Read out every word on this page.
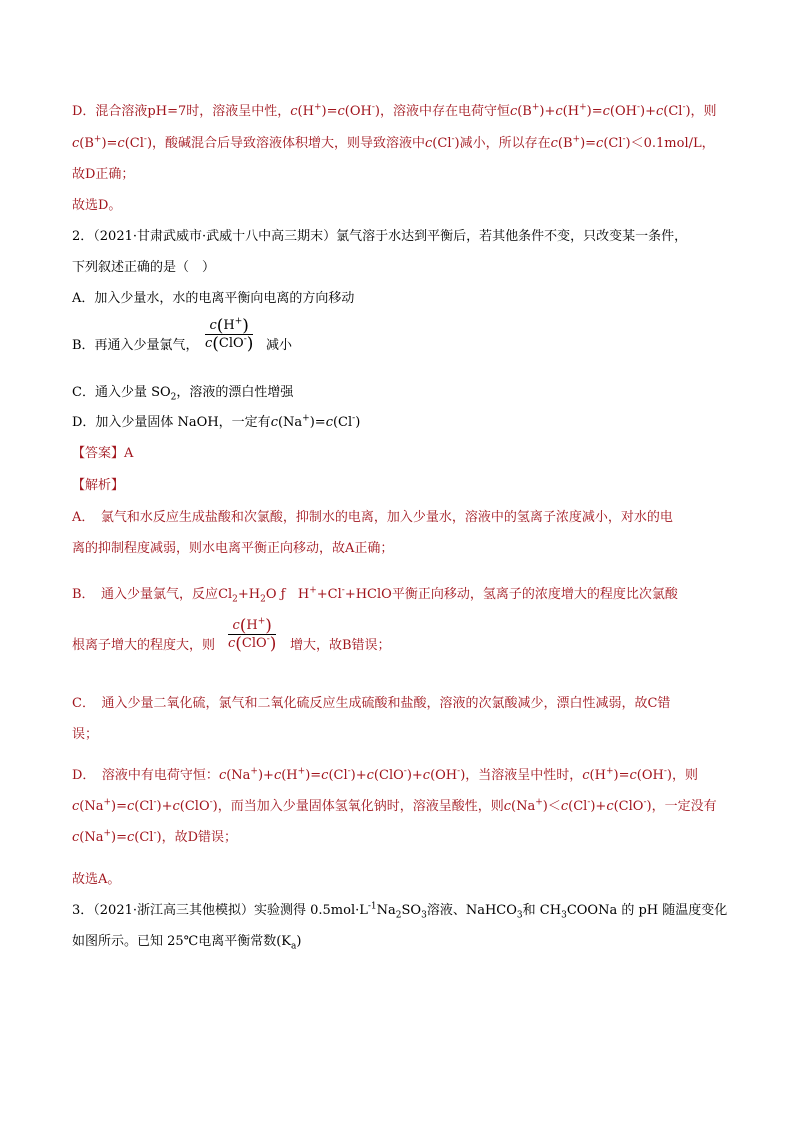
D．混合溶液pH=7时，溶液呈中性，c(H+)=c(OH-)，溶液中存在电荷守恒c(B+)+c(H+)=c(OH-)+c(Cl-)，则
c(B+)=c(Cl-)，酸碱混合后导致溶液体积增大，则导致溶液中c(Cl-)减小，所以存在c(B+)=c(Cl-)＜0.1mol/L，
故D正确；
故选D。
2．（2021·甘肃武威市·武威十八中高三期末）氯气溶于水达到平衡后，若其他条件不变，只改变某一条件，
下列叙述正确的是（　）
A．加入少量水，水的电离平衡向电离的方向移动
B．再通入少量氯气，
c(H+)
c(ClO-) 减小
C．通入少量 $SO_2$，溶液的漂白性增强
D．加入少量固体 NaOH，一定有c(Na+)=c(Cl-)
【答案】A
【解析】
A．　氯气和水反应生成盐酸和次氯酸，抑制水的电离，加入少量水，溶液中的氢离子浓度减小，对水的电
离的抑制程度减弱，则水电离平衡正向移动，故A正确；
B．　通入少量氯气，反应$Cl_2+H_2O$ ƒ H++Cl-+HClO平衡正向移动，氢离子的浓度增大的程度比次氯酸
根离子增大的程度大，则
c(H+)
c(ClO-) 增大，故B错误；
C．　通入少量二氧化硫，氯气和二氧化硫反应生成硫酸和盐酸，溶液的次氯酸减少，漂白性减弱，故C错
误；
D．　溶液中有电荷守恒：c(Na+)+c(H+)=c(Cl-)+c(ClO-)+c(OH-)，当溶液呈中性时，c(H+)=c(OH-)，则
c(Na+)=c(Cl-)+c(ClO-)，而当加入少量固体氢氧化钠时，溶液呈酸性，则c(Na+)＜c(Cl-)+c(ClO-)，一定没有
c(Na+)=c(Cl-)，故D错误；
故选A。
3．（2021·浙江高三其他模拟）实验测得 $0.5mol\cdot L^{-1}Na_2SO_3$溶液、NaHCO$_3$和 $CH_3COONa$ 的 pH 随温度变化
如图所示。已知 25℃电离平衡常数$(K_a)$
